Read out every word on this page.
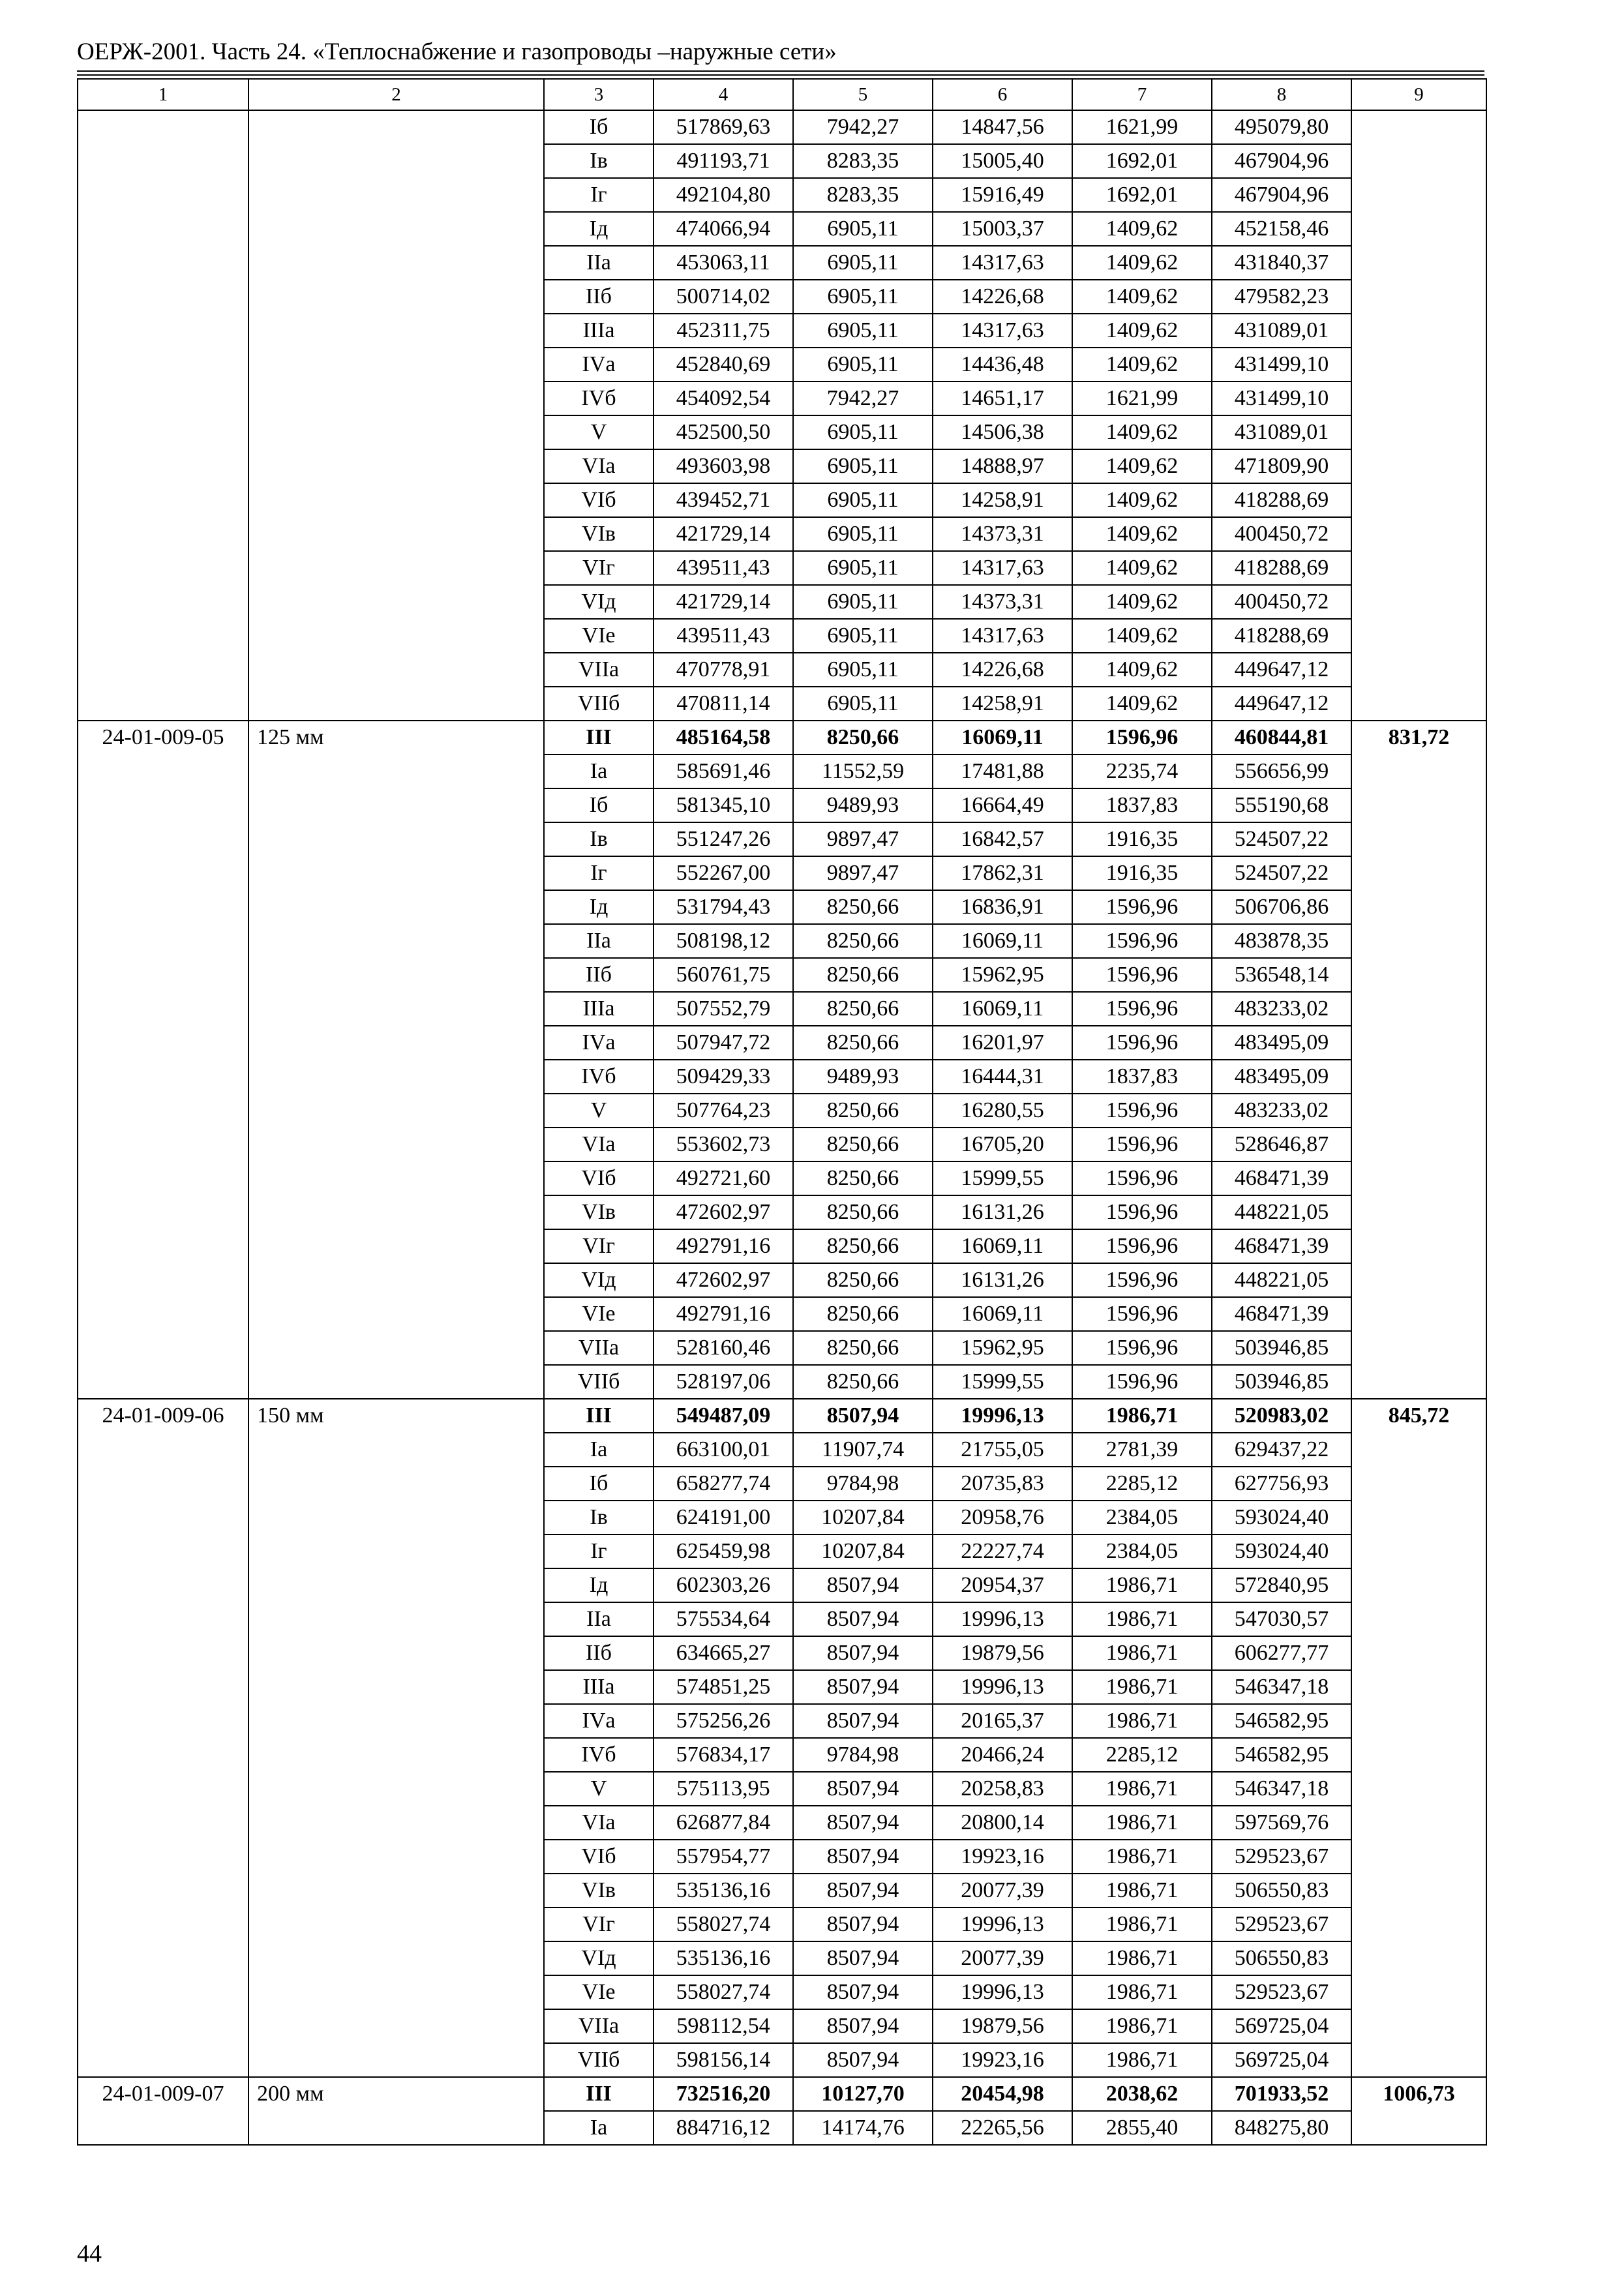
ОЕРЖ-2001. Часть 24. «Теплоснабжение и газопроводы –наружные сети»
1	2	3	4	5	6	7	8	9
		Iб	517869,63	7942,27	14847,56	1621,99	495079,80	
		Iв	491193,71	8283,35	15005,40	1692,01	467904,96	
		Iг	492104,80	8283,35	15916,49	1692,01	467904,96	
		Iд	474066,94	6905,11	15003,37	1409,62	452158,46	
		IIа	453063,11	6905,11	14317,63	1409,62	431840,37	
		IIб	500714,02	6905,11	14226,68	1409,62	479582,23	
		IIIа	452311,75	6905,11	14317,63	1409,62	431089,01	
		IVа	452840,69	6905,11	14436,48	1409,62	431499,10	
		IVб	454092,54	7942,27	14651,17	1621,99	431499,10	
		V	452500,50	6905,11	14506,38	1409,62	431089,01	
		VIа	493603,98	6905,11	14888,97	1409,62	471809,90	
		VIб	439452,71	6905,11	14258,91	1409,62	418288,69	
		VIв	421729,14	6905,11	14373,31	1409,62	400450,72	
		VIг	439511,43	6905,11	14317,63	1409,62	418288,69	
		VIд	421729,14	6905,11	14373,31	1409,62	400450,72	
		VIе	439511,43	6905,11	14317,63	1409,62	418288,69	
		VIIа	470778,91	6905,11	14226,68	1409,62	449647,12	
		VIIб	470811,14	6905,11	14258,91	1409,62	449647,12	
24-01-009-05	125 мм	III	485164,58	8250,66	16069,11	1596,96	460844,81	831,72
		Iа	585691,46	11552,59	17481,88	2235,74	556656,99	
		Iб	581345,10	9489,93	16664,49	1837,83	555190,68	
		Iв	551247,26	9897,47	16842,57	1916,35	524507,22	
		Iг	552267,00	9897,47	17862,31	1916,35	524507,22	
		Iд	531794,43	8250,66	16836,91	1596,96	506706,86	
		IIа	508198,12	8250,66	16069,11	1596,96	483878,35	
		IIб	560761,75	8250,66	15962,95	1596,96	536548,14	
		IIIа	507552,79	8250,66	16069,11	1596,96	483233,02	
		IVа	507947,72	8250,66	16201,97	1596,96	483495,09	
		IVб	509429,33	9489,93	16444,31	1837,83	483495,09	
		V	507764,23	8250,66	16280,55	1596,96	483233,02	
		VIа	553602,73	8250,66	16705,20	1596,96	528646,87	
		VIб	492721,60	8250,66	15999,55	1596,96	468471,39	
		VIв	472602,97	8250,66	16131,26	1596,96	448221,05	
		VIг	492791,16	8250,66	16069,11	1596,96	468471,39	
		VIд	472602,97	8250,66	16131,26	1596,96	448221,05	
		VIе	492791,16	8250,66	16069,11	1596,96	468471,39	
		VIIа	528160,46	8250,66	15962,95	1596,96	503946,85	
		VIIб	528197,06	8250,66	15999,55	1596,96	503946,85	
24-01-009-06	150 мм	III	549487,09	8507,94	19996,13	1986,71	520983,02	845,72
		Iа	663100,01	11907,74	21755,05	2781,39	629437,22	
		Iб	658277,74	9784,98	20735,83	2285,12	627756,93	
		Iв	624191,00	10207,84	20958,76	2384,05	593024,40	
		Iг	625459,98	10207,84	22227,74	2384,05	593024,40	
		Iд	602303,26	8507,94	20954,37	1986,71	572840,95	
		IIа	575534,64	8507,94	19996,13	1986,71	547030,57	
		IIб	634665,27	8507,94	19879,56	1986,71	606277,77	
		IIIа	574851,25	8507,94	19996,13	1986,71	546347,18	
		IVа	575256,26	8507,94	20165,37	1986,71	546582,95	
		IVб	576834,17	9784,98	20466,24	2285,12	546582,95	
		V	575113,95	8507,94	20258,83	1986,71	546347,18	
		VIа	626877,84	8507,94	20800,14	1986,71	597569,76	
		VIб	557954,77	8507,94	19923,16	1986,71	529523,67	
		VIв	535136,16	8507,94	20077,39	1986,71	506550,83	
		VIг	558027,74	8507,94	19996,13	1986,71	529523,67	
		VIд	535136,16	8507,94	20077,39	1986,71	506550,83	
		VIе	558027,74	8507,94	19996,13	1986,71	529523,67	
		VIIа	598112,54	8507,94	19879,56	1986,71	569725,04	
		VIIб	598156,14	8507,94	19923,16	1986,71	569725,04	
24-01-009-07	200 мм	III	732516,20	10127,70	20454,98	2038,62	701933,52	1006,73
		Iа	884716,12	14174,76	22265,56	2855,40	848275,80	
44
